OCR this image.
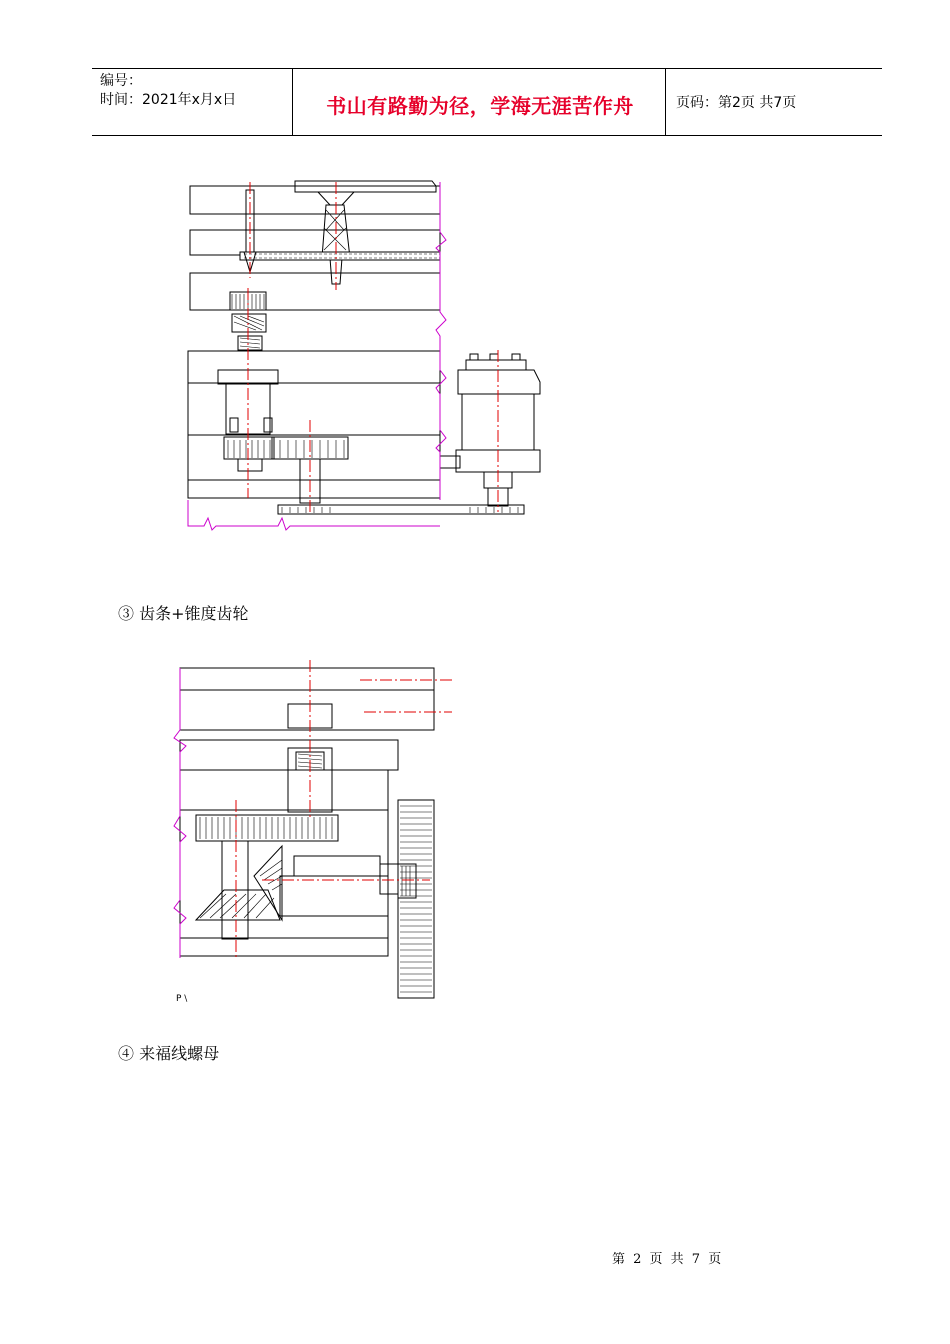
编号：
时间：2021年x月x日	书山有路勤为径，学海无涯苦作舟	页码：第2页 共7页
③ 齿条+锥度齿轮
P \
④ 来福线螺母
第 2 页 共 7 页
